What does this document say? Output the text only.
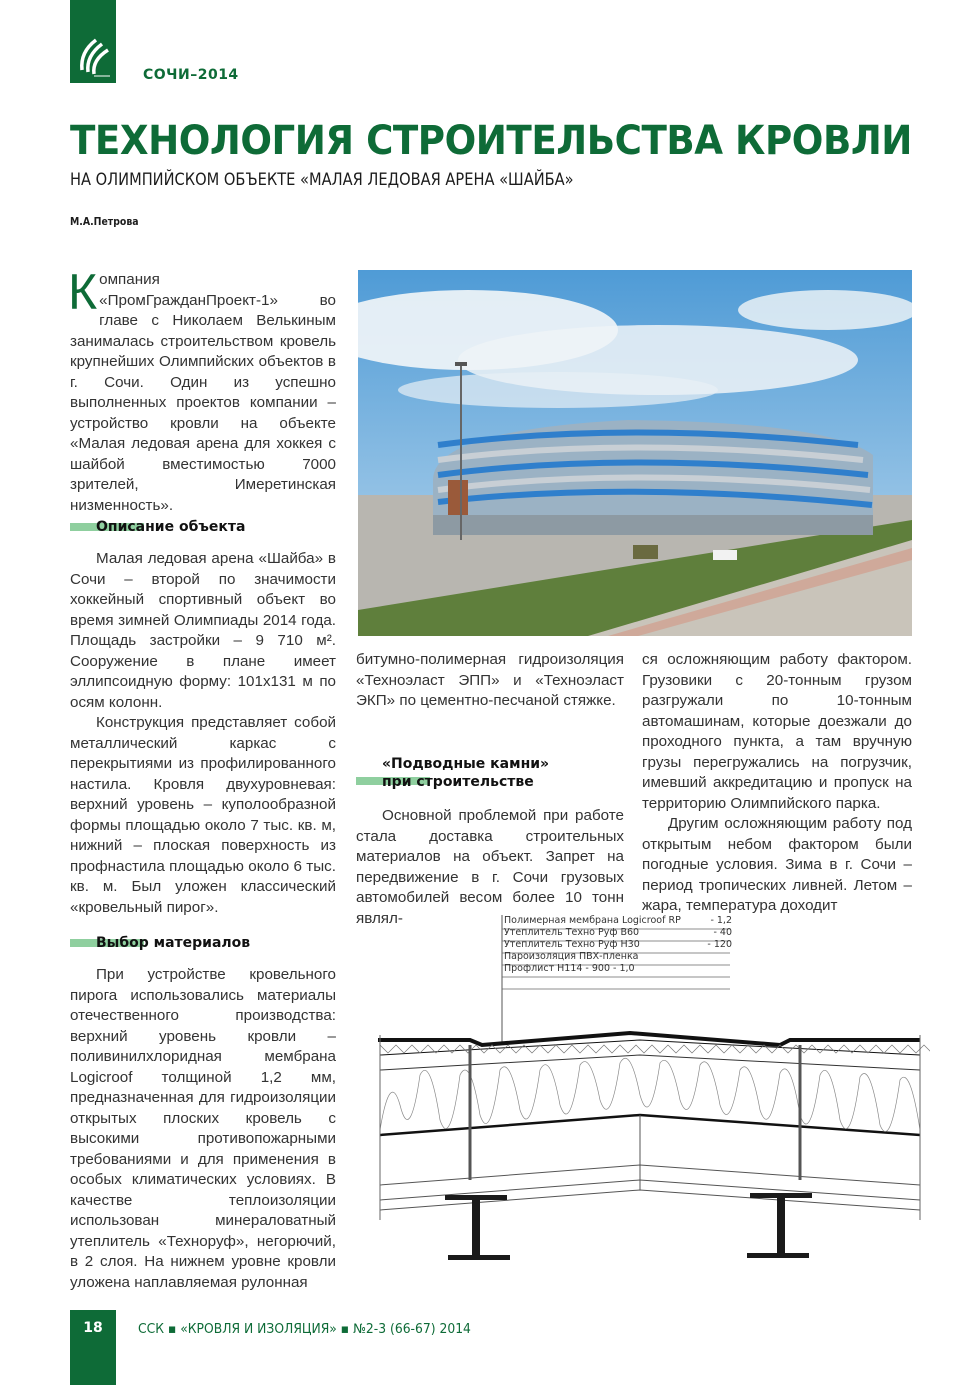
СОЧИ–2014
ТЕХНОЛОГИЯ СТРОИТЕЛЬСТВА КРОВЛИ
НА ОЛИМПИЙСКОМ ОБЪЕКТЕ «МАЛАЯ ЛЕДОВАЯ АРЕНА «ШАЙБА»
М.А.Петрова

Компания «ПромГражданПроект-1» во главе с Николаем Велькиным занималась строительством кровель крупнейших Олимпийских объектов в г. Сочи. Один из успешно выполненных проектов компании – устройство кровли на объекте «Малая ледовая арена для хоккея с шайбой вместимостью 7000 зрителей, Имеретинская низменность».

Описание объекта

Малая ледовая арена «Шайба» в Сочи – второй по значимости хоккейный спортивный объект во время зимней Олимпиады 2014 года. Площадь застройки – 9 710 м². Сооружение в плане имеет эллипсоидную форму: 101х131 м по осям колонн.

Конструкция представляет собой металлический каркас с перекрытиями из профилированного настила. Кровля двухуровневая: верхний уровень – куполообразной формы площадью около 7 тыс. кв. м, нижний – плоская поверхность из профнастила площадью около 6 тыс. кв. м. Был уложен классический «кровельный пирог».

Выбор материалов

При устройстве кровельного пирога использовались материалы отечественного производства: верхний уровень кровли – поливинилхлоридная мембрана Logicroof толщиной 1,2 мм, предназначенная для гидроизоляции открытых плоских кровель с высокими противопожарными требованиями и для применения в особых климатических условиях. В качестве теплоизоляции использован минераловатный утеплитель «Техноруф», негорючий, в 2 слоя. На нижнем уровне кровли уложена наплавляемая рулонная

битумно-полимерная гидроизоляция «Техноэласт ЭПП» и «Техноэласт ЭКП» по цементно-песчаной стяжке.

«Подводные камни»
при строительстве

Основной проблемой при работе стала доставка строительных материалов на объект. Запрет на передвижение в г. Сочи грузовых автомобилей весом более 10 тонн являл-

ся осложняющим работу фактором. Грузовики с 20-тонным грузом разгружали по 10-тонным автомашинам, которые доезжали до проходного пункта, а там вручную грузы перегружались на погрузчик, имевший аккредитацию и пропуск на территорию Олимпийского парка.

Другим осложняющим работу под открытым небом фактором были погодные условия. Зима в г. Сочи – период тропических ливней. Летом – жара, температура доходит

Полимерная мембрана Logicroof RP	- 1,2
Утеплитель Техно Руф В60	- 40
Утеплитель Техно Руф Н30	- 120
Пароизоляция ПВХ-пленка
Профлист Н114 - 900 - 1,0
18	ССК ▪ «КРОВЛЯ И ИЗОЛЯЦИЯ» ▪ №2-3 (66-67) 2014
